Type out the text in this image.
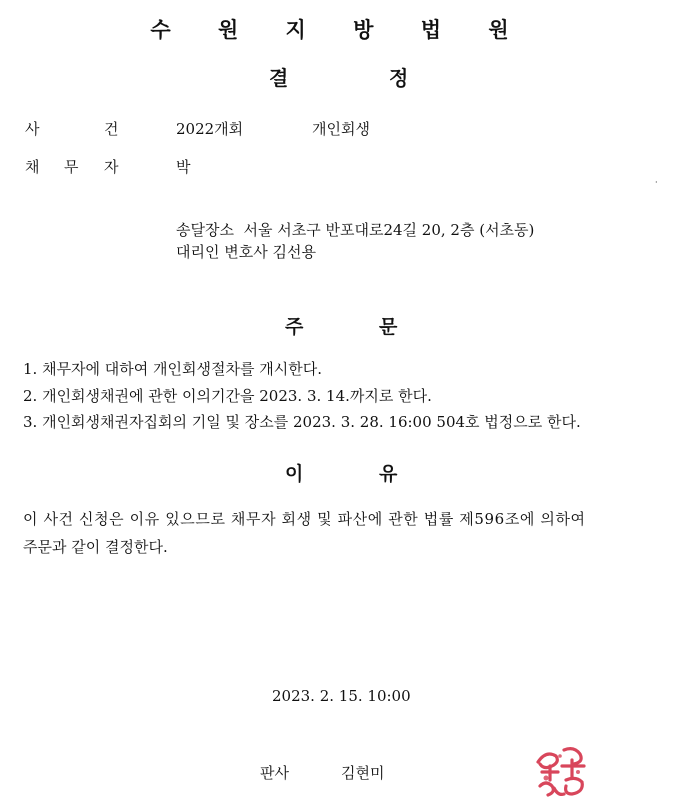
수 원 지 방 법 원
결	정
사	건	2022개회	개인회생
채 무 자	박
·
송달장소  서울 서초구 반포대로24길 20, 2층 (서초동)
대리인 변호사 김선용
주	문
1. 채무자에 대하여 개인회생절차를 개시한다.
2. 개인회생채권에 관한 이의기간을 2023. 3. 14.까지로 한다.
3. 개인회생채권자집회의 기일 및 장소를 2023. 3. 28. 16:00 504호 법정으로 한다.
이	유
이 사건 신청은 이유 있으므로 채무자 회생 및 파산에 관한 법률 제596조에 의하여
주문과 같이 결정한다.
2023. 2. 15. 10:00
판사	김현미
